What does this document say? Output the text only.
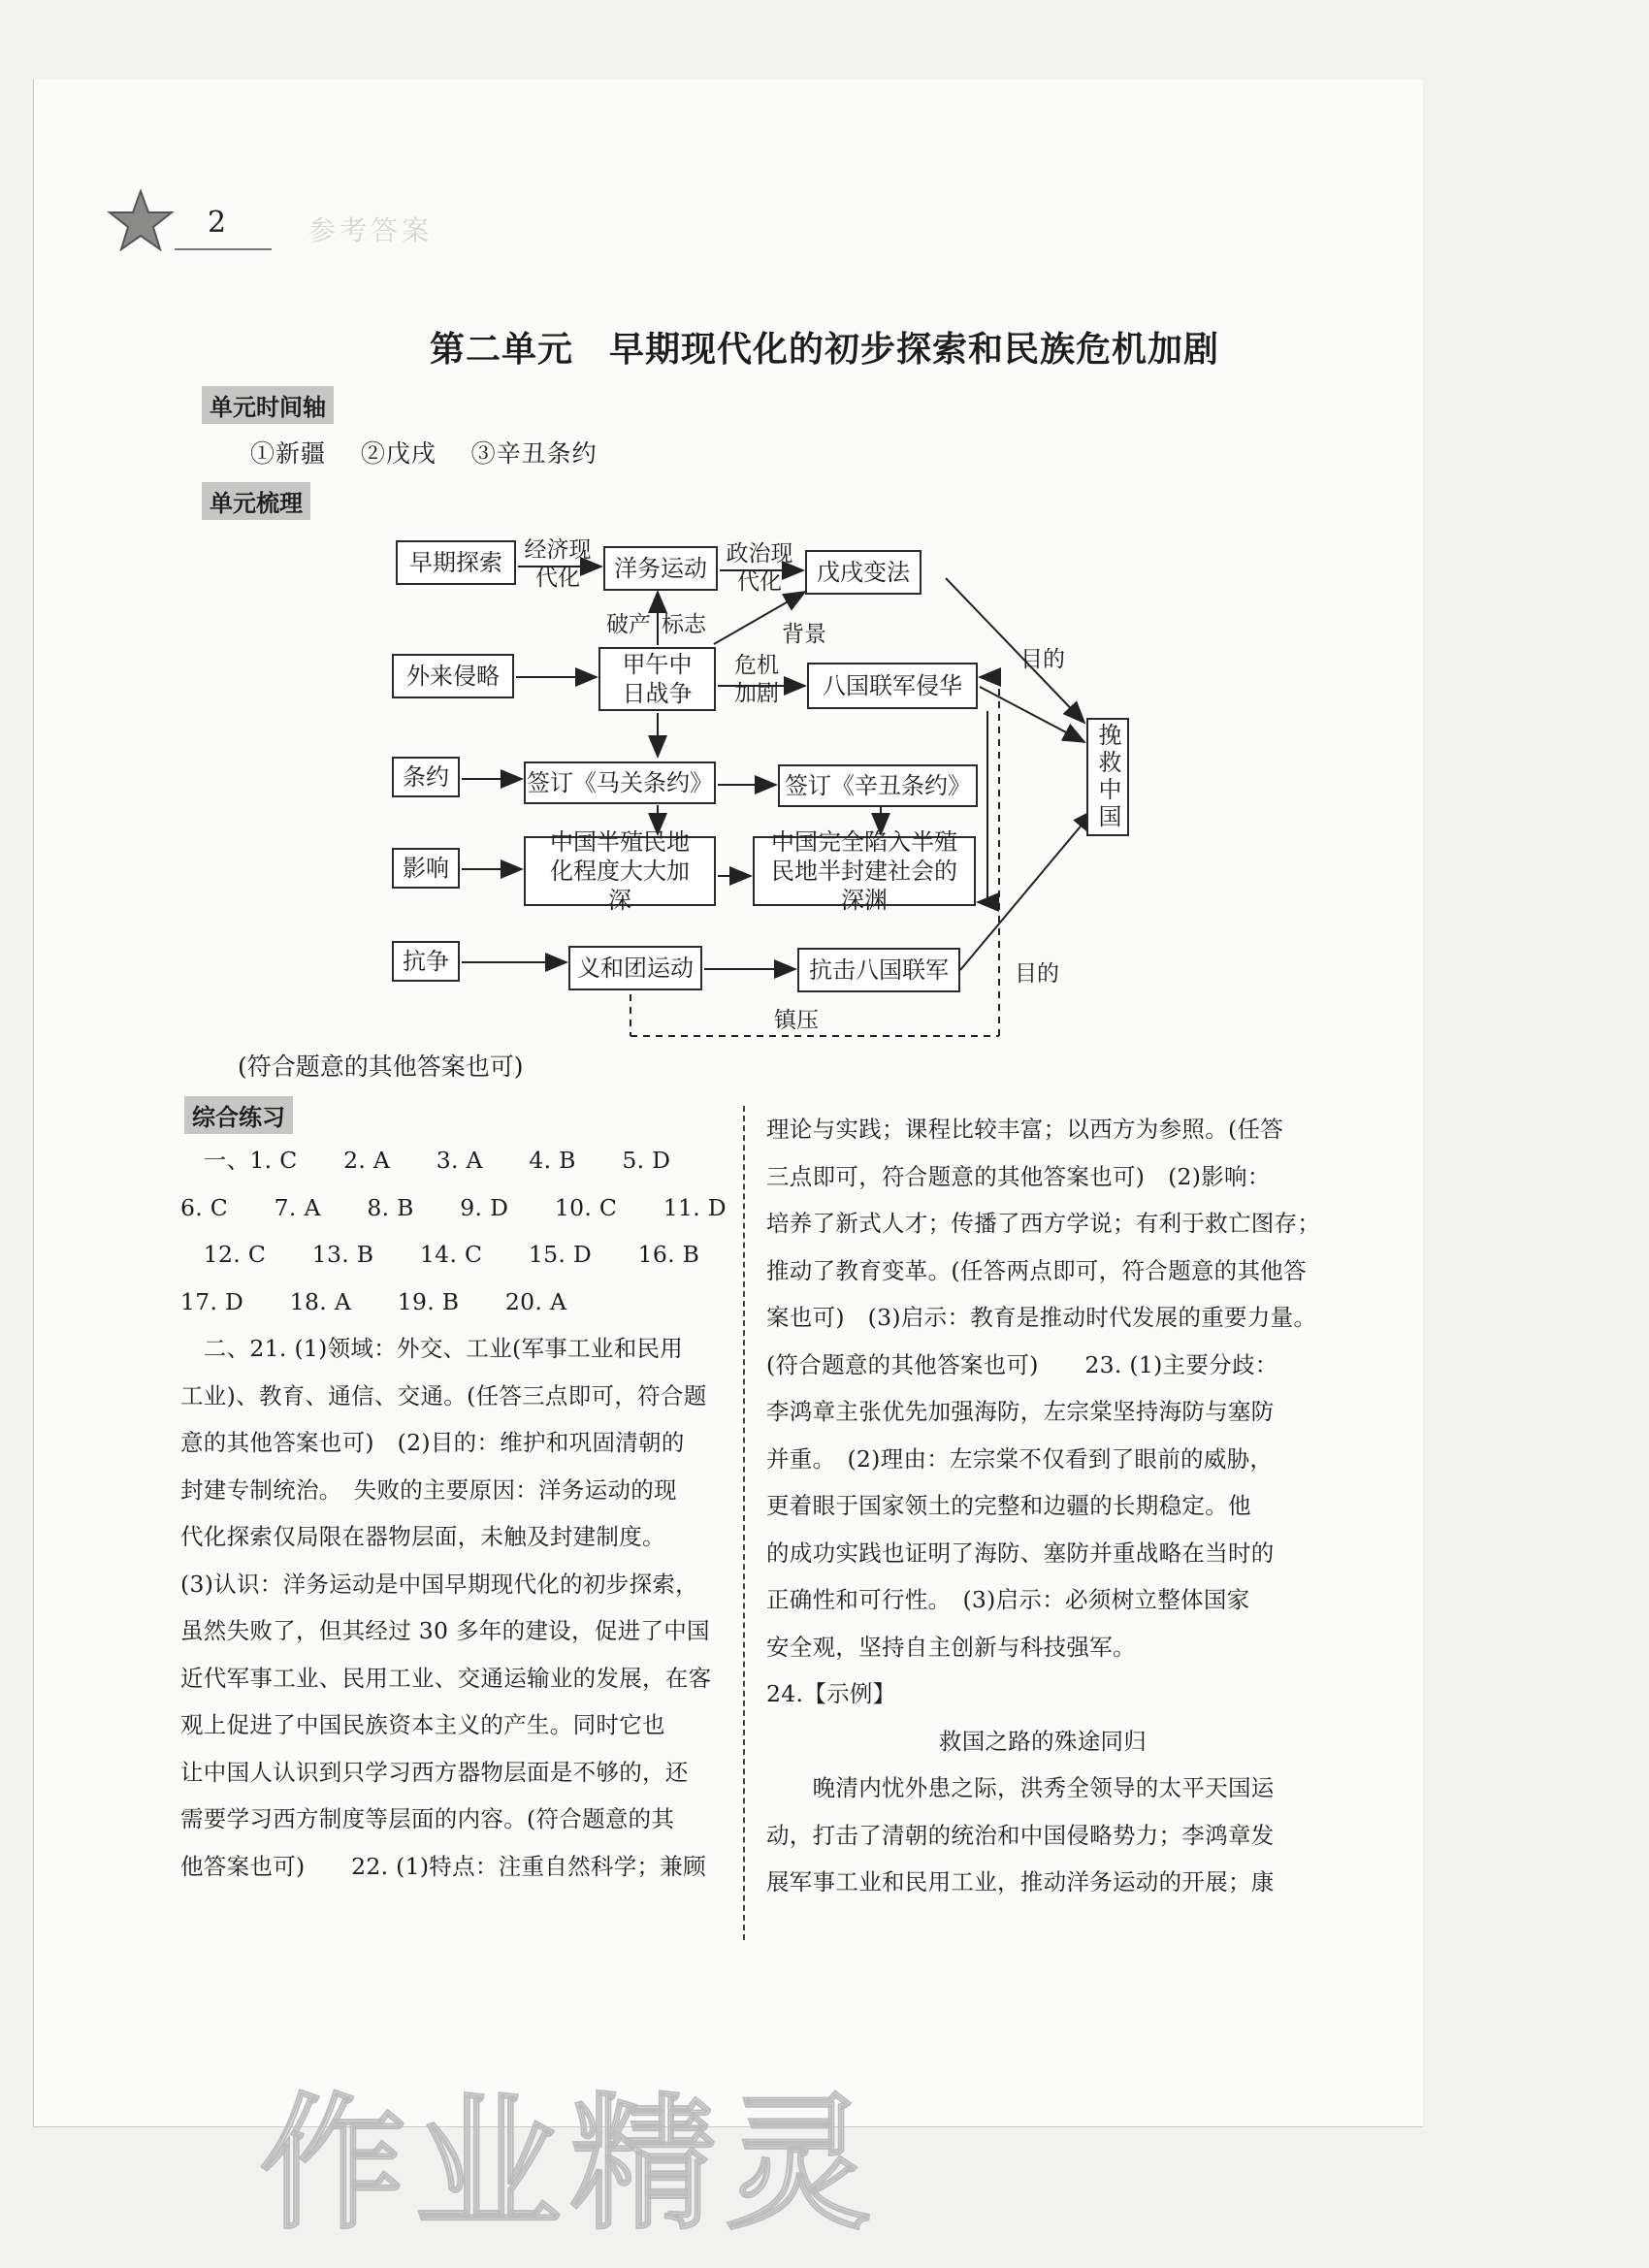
2	参考答案
第二单元　早期现代化的初步探索和民族危机加剧
单元时间轴
①新疆 ②戊戌 ③辛丑条约
单元梳理
早期探索	洋务运动	戊戌变法
外来侵略	甲午中日战争	八国联军侵华
挽救中国
条约	签订《马关条约》	签订《辛丑条约》
影响
中国半殖民地化程度大大加深
中国完全陷入半殖民地半封建社会的深渊
抗争	义和团运动	抗击八国联军
经济现代化
政治现代化
破产 标志	背景
危机加剧
目的
目的
镇压
(符合题意的其他答案也可)
综合练习

　一、1. C　　2. A　　3. A　　4. B　　5. D

6. C　　7. A　　8. B　　9. D　　10. C　　11. D

　12. C　　13. B　　14. C　　15. D　　16. B

17. D　　18. A　　19. B　　20. A

　二、21. (1)领域：外交、工业(军事工业和民用

工业)、教育、通信、交通。(任答三点即可，符合题

意的其他答案也可)　(2)目的：维护和巩固清朝的

封建专制统治。　失败的主要原因：洋务运动的现

代化探索仅局限在器物层面，未触及封建制度。

(3)认识：洋务运动是中国早期现代化的初步探索，

虽然失败了，但其经过 30 多年的建设，促进了中国

近代军事工业、民用工业、交通运输业的发展，在客

观上促进了中国民族资本主义的产生。同时它也

让中国人认识到只学习西方器物层面是不够的，还

需要学习西方制度等层面的内容。(符合题意的其

他答案也可)　　22. (1)特点：注重自然科学；兼顾

理论与实践；课程比较丰富；以西方为参照。(任答

三点即可，符合题意的其他答案也可)　(2)影响：

培养了新式人才；传播了西方学说；有利于救亡图存；

推动了教育变革。(任答两点即可，符合题意的其他答

案也可)　(3)启示：教育是推动时代发展的重要力量。

(符合题意的其他答案也可)　　23. (1)主要分歧：

李鸿章主张优先加强海防，左宗棠坚持海防与塞防

并重。　(2)理由：左宗棠不仅看到了眼前的威胁，

更着眼于国家领土的完整和边疆的长期稳定。他

的成功实践也证明了海防、塞防并重战略在当时的

正确性和可行性。　(3)启示：必须树立整体国家

安全观，坚持自主创新与科技强军。

24.【示例】

救国之路的殊途同归

　　晚清内忧外患之际，洪秀全领导的太平天国运

动，打击了清朝的统治和中国侵略势力；李鸿章发

展军事工业和民用工业，推动洋务运动的开展；康

作业精灵
